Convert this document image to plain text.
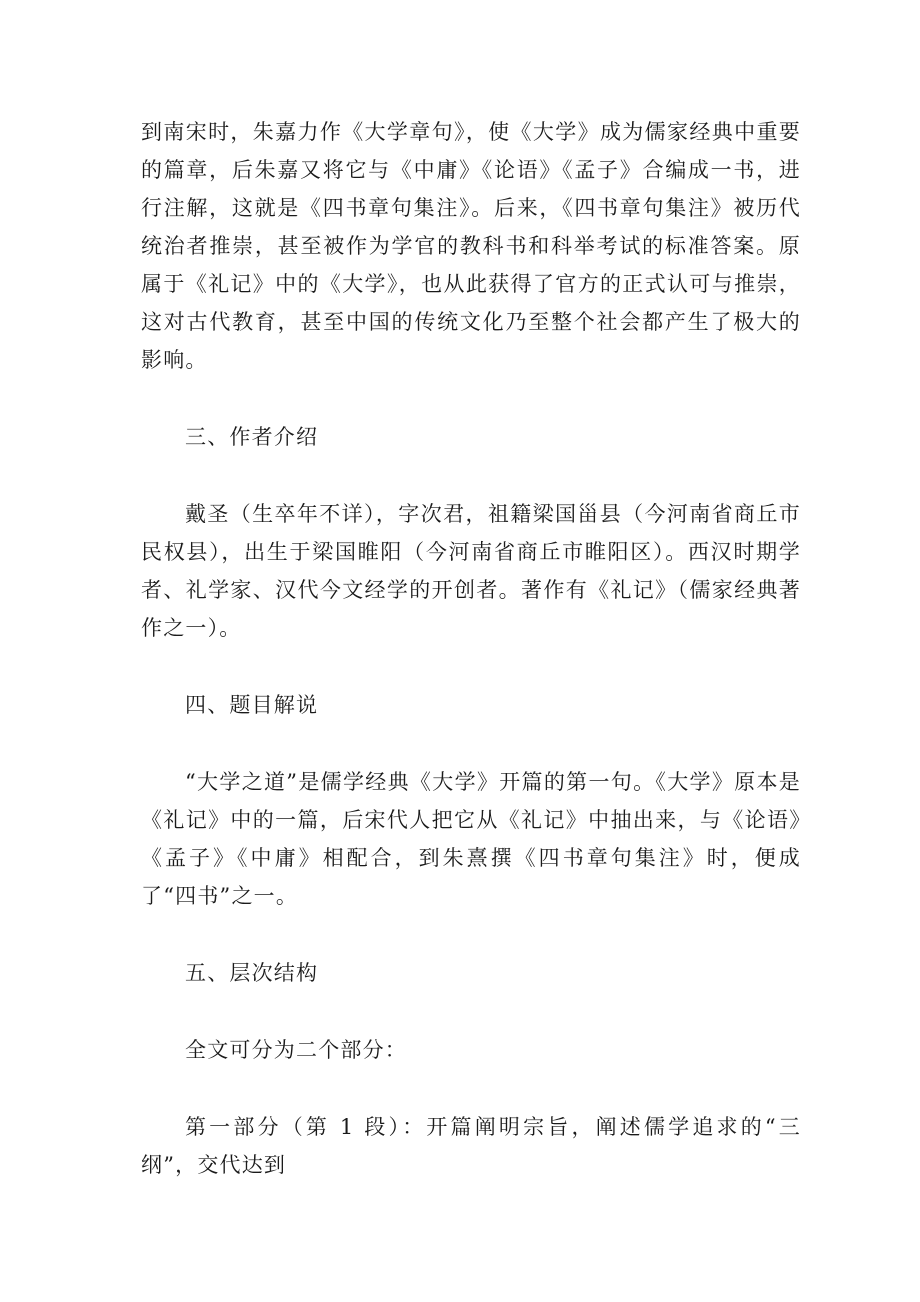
到南宋时，朱嘉力作《大学章句》，使《大学》成为儒家经典中重要的篇章，后朱嘉又将它与《中庸》《论语》《孟子》合编成一书，进行注解，这就是《四书章句集注》。后来，《四书章句集注》被历代统治者推崇，甚至被作为学官的教科书和科举考试的标准答案。原属于《礼记》中的《大学》，也从此获得了官方的正式认可与推崇，这对古代教育，甚至中国的传统文化乃至整个社会都产生了极大的影响。

三、作者介绍

戴圣（生卒年不详），字次君，祖籍梁国甾县（今河南省商丘市民权县），出生于梁国睢阳（今河南省商丘市睢阳区）。西汉时期学者、礼学家、汉代今文经学的开创者。著作有《礼记》（儒家经典著作之一）。

四、题目解说

“大学之道”是儒学经典《大学》开篇的第一句。《大学》原本是《礼记》中的一篇，后宋代人把它从《礼记》中抽出来，与《论语》《孟子》《中庸》相配合，到朱熹撰《四书章句集注》时，便成了“四书”之一。

五、层次结构

全文可分为二个部分：

第一部分（第 1 段）：开篇阐明宗旨，阐述儒学追求的“三纲”，交代达到
